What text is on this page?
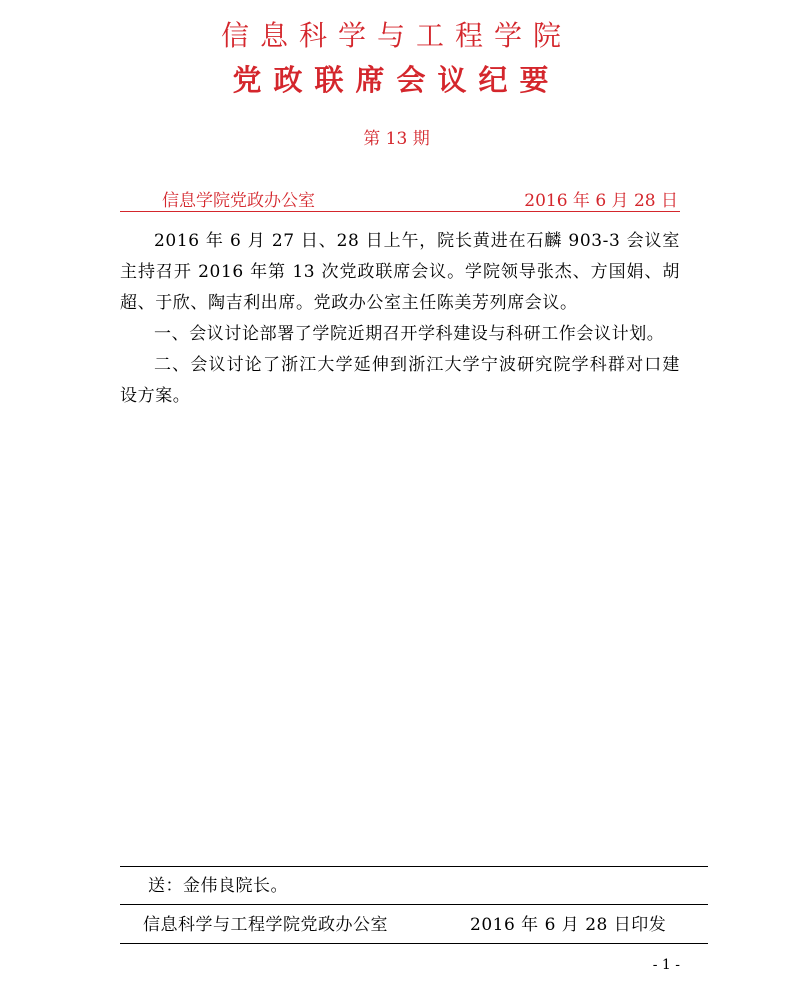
信息科学与工程学院
党政联席会议纪要
第 13 期
信息学院党政办公室	2016 年 6 月 28 日

2016 年 6 月 27 日、28 日上午，院长黄进在石麟 903-3 会议室主持召开 2016 年第 13 次党政联席会议。学院领导张杰、方国娟、胡超、于欣、陶吉利出席。党政办公室主任陈美芳列席会议。

一、会议讨论部署了学院近期召开学科建设与科研工作会议计划。

二、会议讨论了浙江大学延伸到浙江大学宁波研究院学科群对口建设方案。

送：金伟良院长。
信息科学与工程学院党政办公室	2016 年 6 月 28 日印发
- 1 -
